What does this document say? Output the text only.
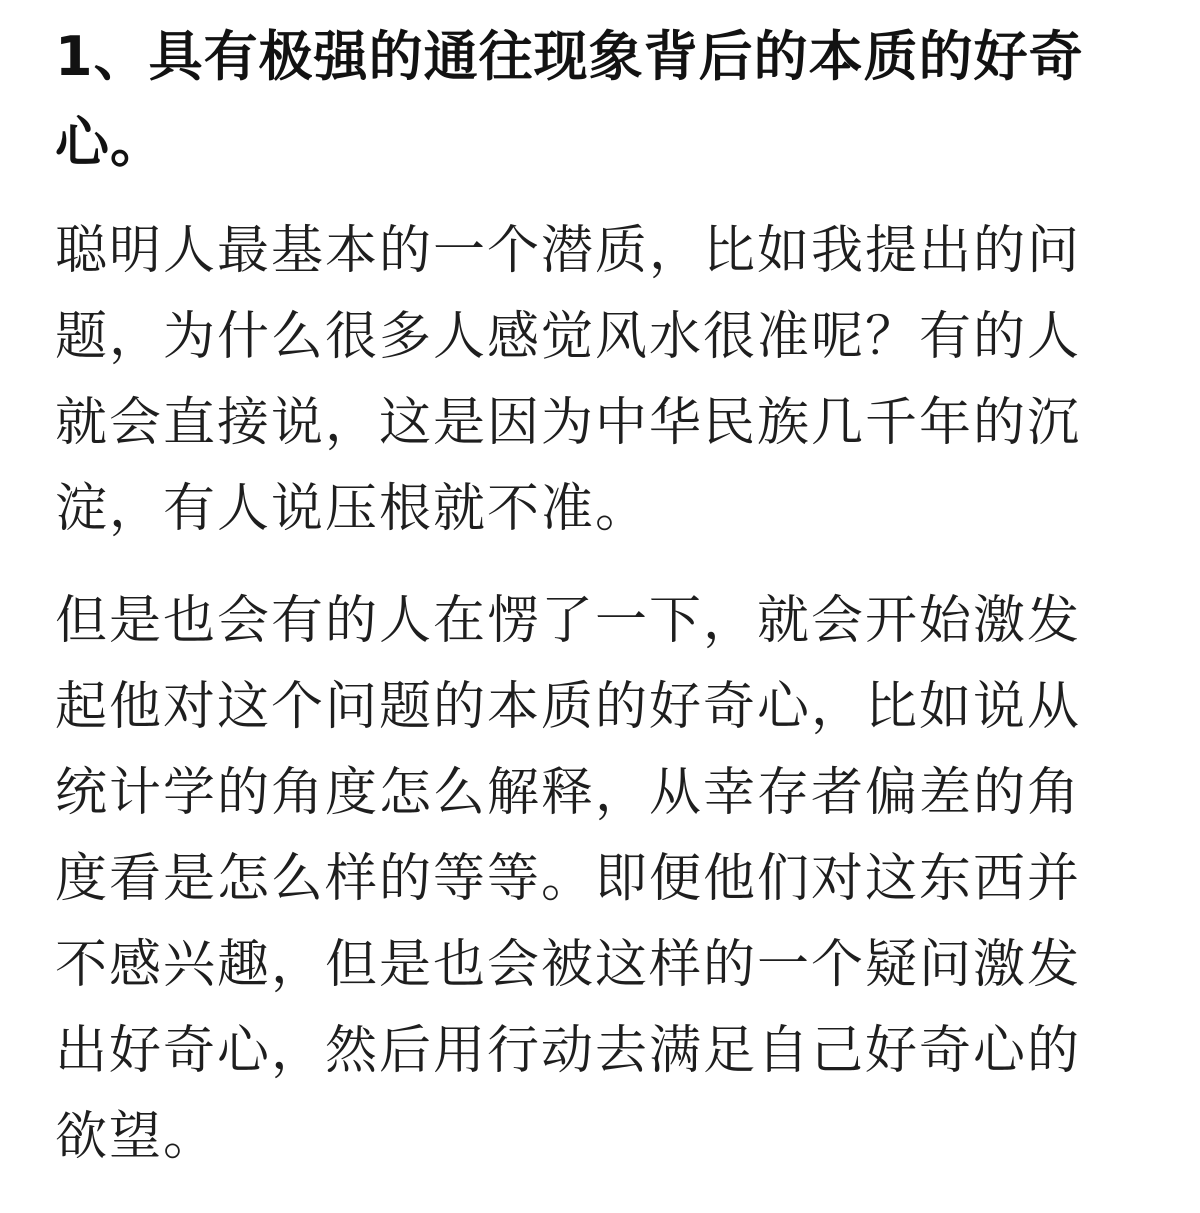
1、具有极强的通往现象背后的本质的好奇心。

聪明人最基本的一个潜质，比如我提出的问题，为什么很多人感觉风水很准呢？有的人就会直接说，这是因为中华民族几千年的沉淀，有人说压根就不准。

但是也会有的人在愣了一下，就会开始激发起他对这个问题的本质的好奇心，比如说从统计学的角度怎么解释，从幸存者偏差的角度看是怎么样的等等。即便他们对这东西并不感兴趣，但是也会被这样的一个疑问激发出好奇心，然后用行动去满足自己好奇心的欲望。
